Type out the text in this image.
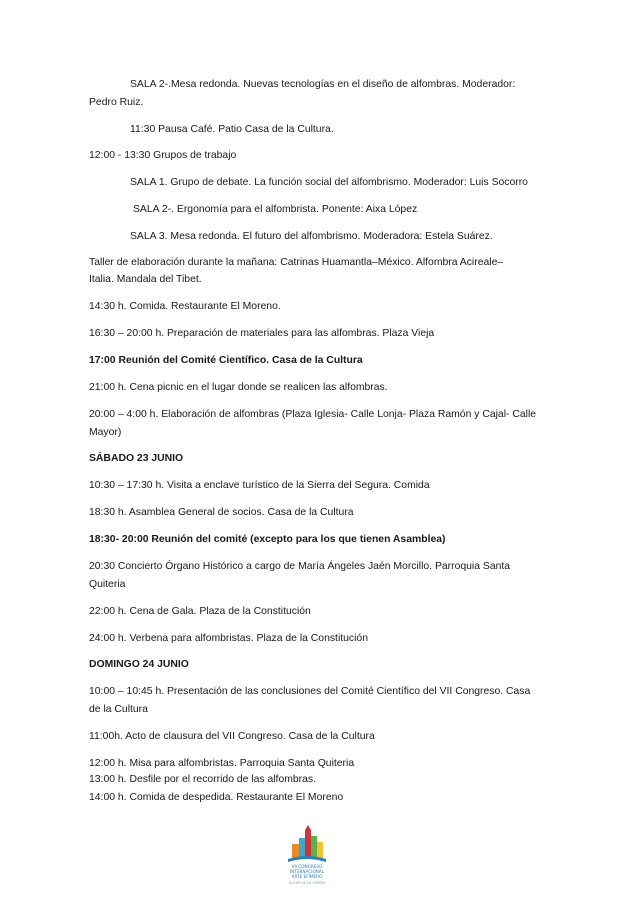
SALA 2-.Mesa redonda. Nuevas tecnologías en el diseño de alfombras. Moderador:
Pedro Ruiz.
11:30 Pausa Café. Patio Casa de la Cultura.
12:00 - 13:30 Grupos de trabajo
SALA 1. Grupo de debate. La función social del alfombrismo. Moderador: Luis Socorro
SALA 2-. Ergonomía para el alfombrista. Ponente: Aixa López
SALA 3. Mesa redonda. El futuro del alfombrismo. Moderadora: Estela Suárez.
Taller de elaboración durante la mañana: Catrinas Huamantla–México. Alfombra Acireale–
Italia. Mandala del Tibet.
14:30 h. Comida. Restaurante El Moreno.
16:30 – 20:00 h. Preparación de materiales para las alfombras. Plaza Vieja
17:00 Reunión del Comité Científico. Casa de la Cultura
21:00 h. Cena picnic en el lugar donde se realicen las alfombras.
20:00 – 4:00 h. Elaboración de alfombras (Plaza Iglesia- Calle Lonja- Plaza Ramón y Cajal- Calle
Mayor)
SÁBADO 23 JUNIO
10:30 – 17:30 h. Visita a enclave turístico de la Sierra del Segura. Comida
18:30 h. Asamblea General de socios. Casa de la Cultura
18:30- 20:00 Reunión del comité (excepto para los que tienen Asamblea)
20:30 Concierto Órgano Histórico a cargo de María Ángeles Jaén Morcillo. Parroquia Santa
Quiteria
22:00 h. Cena de Gala. Plaza de la Constitución
24:00 h. Verbena para alfombristas. Plaza de la Constitución
DOMINGO 24 JUNIO
10:00 – 10:45 h. Presentación de las conclusiones del Comité Científico del VII Congreso. Casa
de la Cultura
11:00h. Acto de clausura del VII Congreso. Casa de la Cultura
12:00 h. Misa para alfombristas. Parroquia Santa Quiteria
13:00 h. Desfile por el recorrido de las alfombras.
14:00 h. Comida de despedida. Restaurante El Moreno
VII CONGRESO
INTERNACIONAL
ARTE EFÍMERO
ELCHE DE LA SIERRA
